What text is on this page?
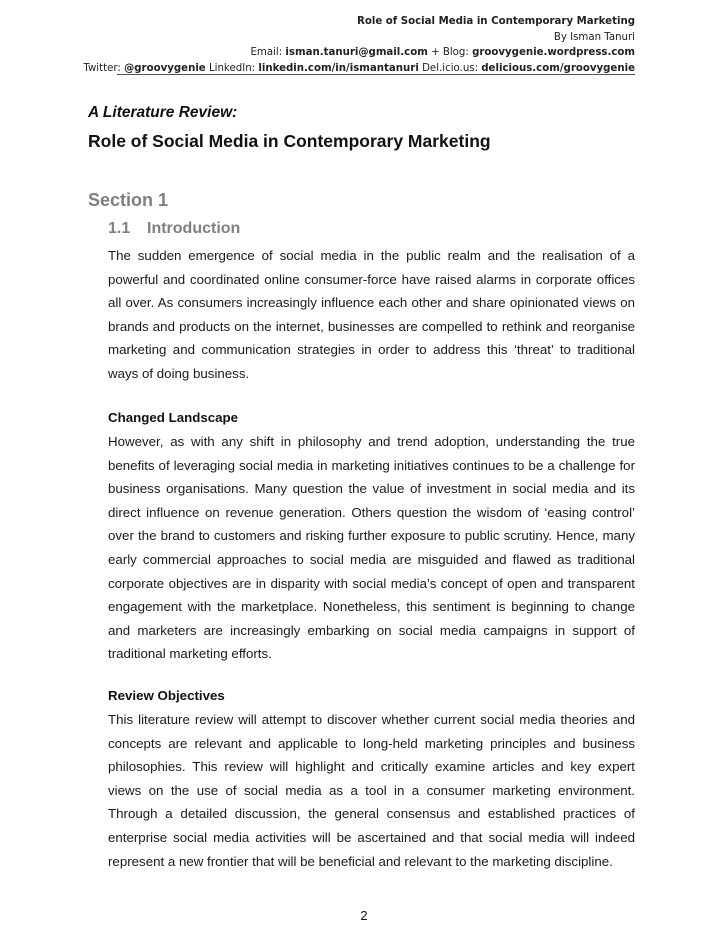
Role of Social Media in Contemporary Marketing
By Isman Tanuri
Email: isman.tanuri@gmail.com + Blog: groovygenie.wordpress.com
Twitter: @groovygenie LinkedIn: linkedin.com/in/ismantanuri Del.icio.us: delicious.com/groovygenie
A Literature Review:
Role of Social Media in Contemporary Marketing
Section 1
1.1 Introduction
The sudden emergence of social media in the public realm and the realisation of a powerful and coordinated online consumer-force have raised alarms in corporate offices all over. As consumers increasingly influence each other and share opinionated views on brands and products on the internet, businesses are compelled to rethink and reorganise marketing and communication strategies in order to address this ‘threat’ to traditional ways of doing business.
Changed Landscape
However, as with any shift in philosophy and trend adoption, understanding the true benefits of leveraging social media in marketing initiatives continues to be a challenge for business organisations. Many question the value of investment in social media and its direct influence on revenue generation. Others question the wisdom of ‘easing control’ over the brand to customers and risking further exposure to public scrutiny. Hence, many early commercial approaches to social media are misguided and flawed as traditional corporate objectives are in disparity with social media’s concept of open and transparent engagement with the marketplace. Nonetheless, this sentiment is beginning to change and marketers are increasingly embarking on social media campaigns in support of traditional marketing efforts.
Review Objectives
This literature review will attempt to discover whether current social media theories and concepts are relevant and applicable to long-held marketing principles and business philosophies. This review will highlight and critically examine articles and key expert views on the use of social media as a tool in a consumer marketing environment. Through a detailed discussion, the general consensus and established practices of enterprise social media activities will be ascertained and that social media will indeed represent a new frontier that will be beneficial and relevant to the marketing discipline.
2
